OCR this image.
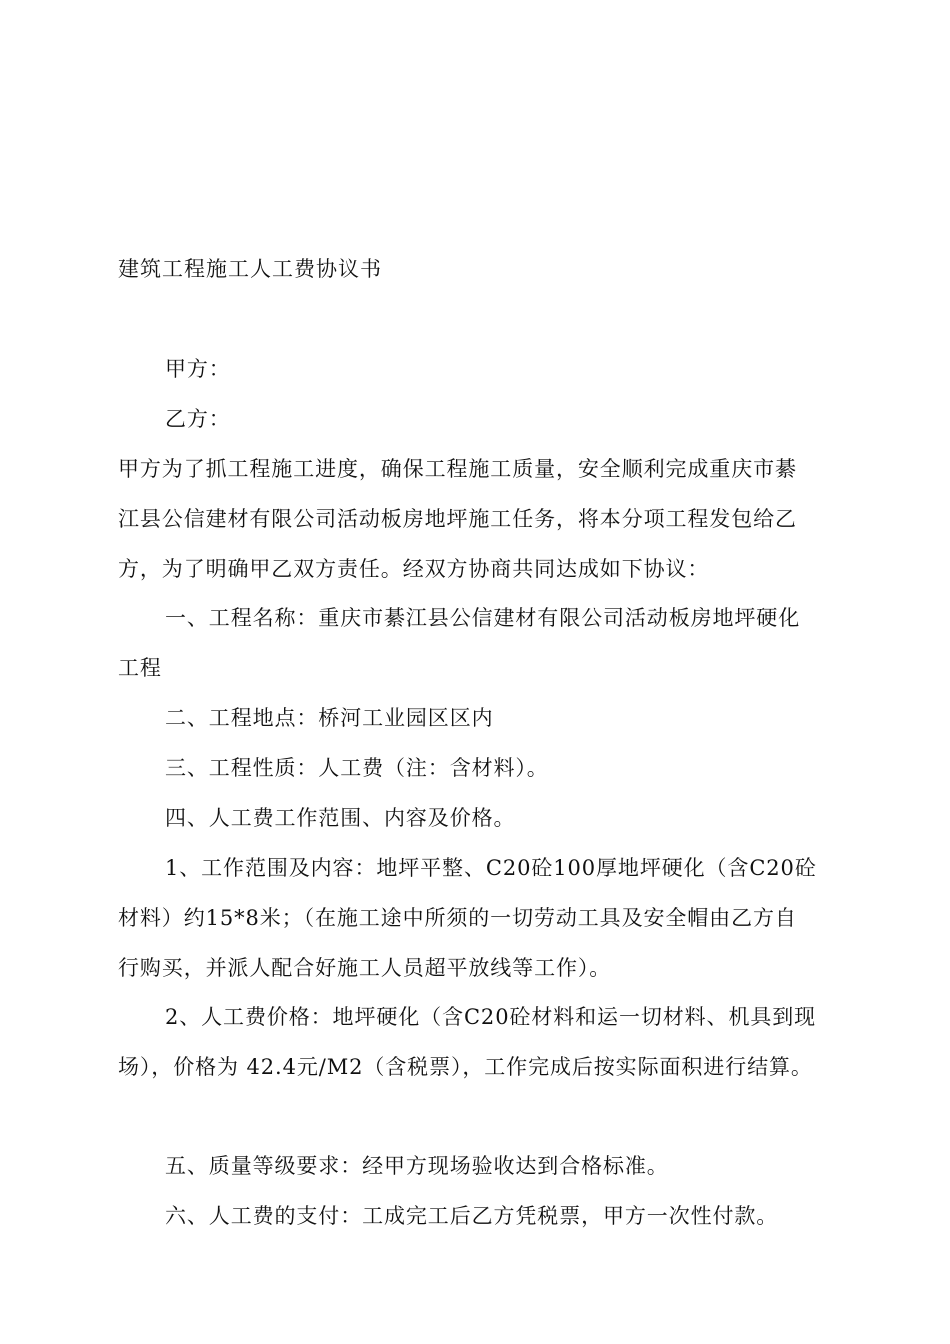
建筑工程施工人工费协议书
甲方：
乙方：
甲方为了抓工程施工进度，确保工程施工质量，安全顺利完成重庆市綦
江县公信建材有限公司活动板房地坪施工任务，将本分项工程发包给乙
方，为了明确甲乙双方责任。经双方协商共同达成如下协议：
一、工程名称：重庆市綦江县公信建材有限公司活动板房地坪硬化
工程
二、工程地点：桥河工业园区区内
三、工程性质：人工费（注：含材料）。
四、人工费工作范围、内容及价格。
1、工作范围及内容：地坪平整、C20砼100厚地坪硬化（含C20砼
材料）约15*8米；（在施工途中所须的一切劳动工具及安全帽由乙方自
行购买，并派人配合好施工人员超平放线等工作）。
2、人工费价格：地坪硬化（含C20砼材料和运一切材料、机具到现
场），价格为 42.4元/M2（含税票），工作完成后按实际面积进行结算。
五、质量等级要求：经甲方现场验收达到合格标准。
六、人工费的支付：工成完工后乙方凭税票，甲方一次性付款。
